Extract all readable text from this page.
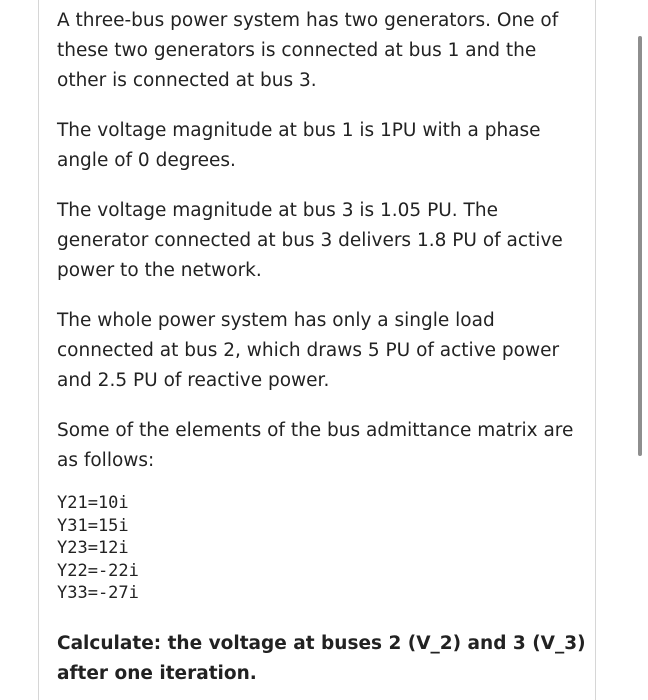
A three-bus power system has two generators. One of these two generators is connected at bus 1 and the other is connected at bus 3.

The voltage magnitude at bus 1 is 1PU with a phase angle of 0 degrees.

The voltage magnitude at bus 3 is 1.05 PU. The generator connected at bus 3 delivers 1.8 PU of active power to the network.

The whole power system has only a single load connected at bus 2, which draws 5 PU of active power and 2.5 PU of reactive power.

Some of the elements of the bus admittance matrix are as follows:

Y21=10i
Y31=15i
Y23=12i
Y22=-22i
Y33=-27i

Calculate: the voltage at buses 2 (V_2) and 3 (V_3) after one iteration.
